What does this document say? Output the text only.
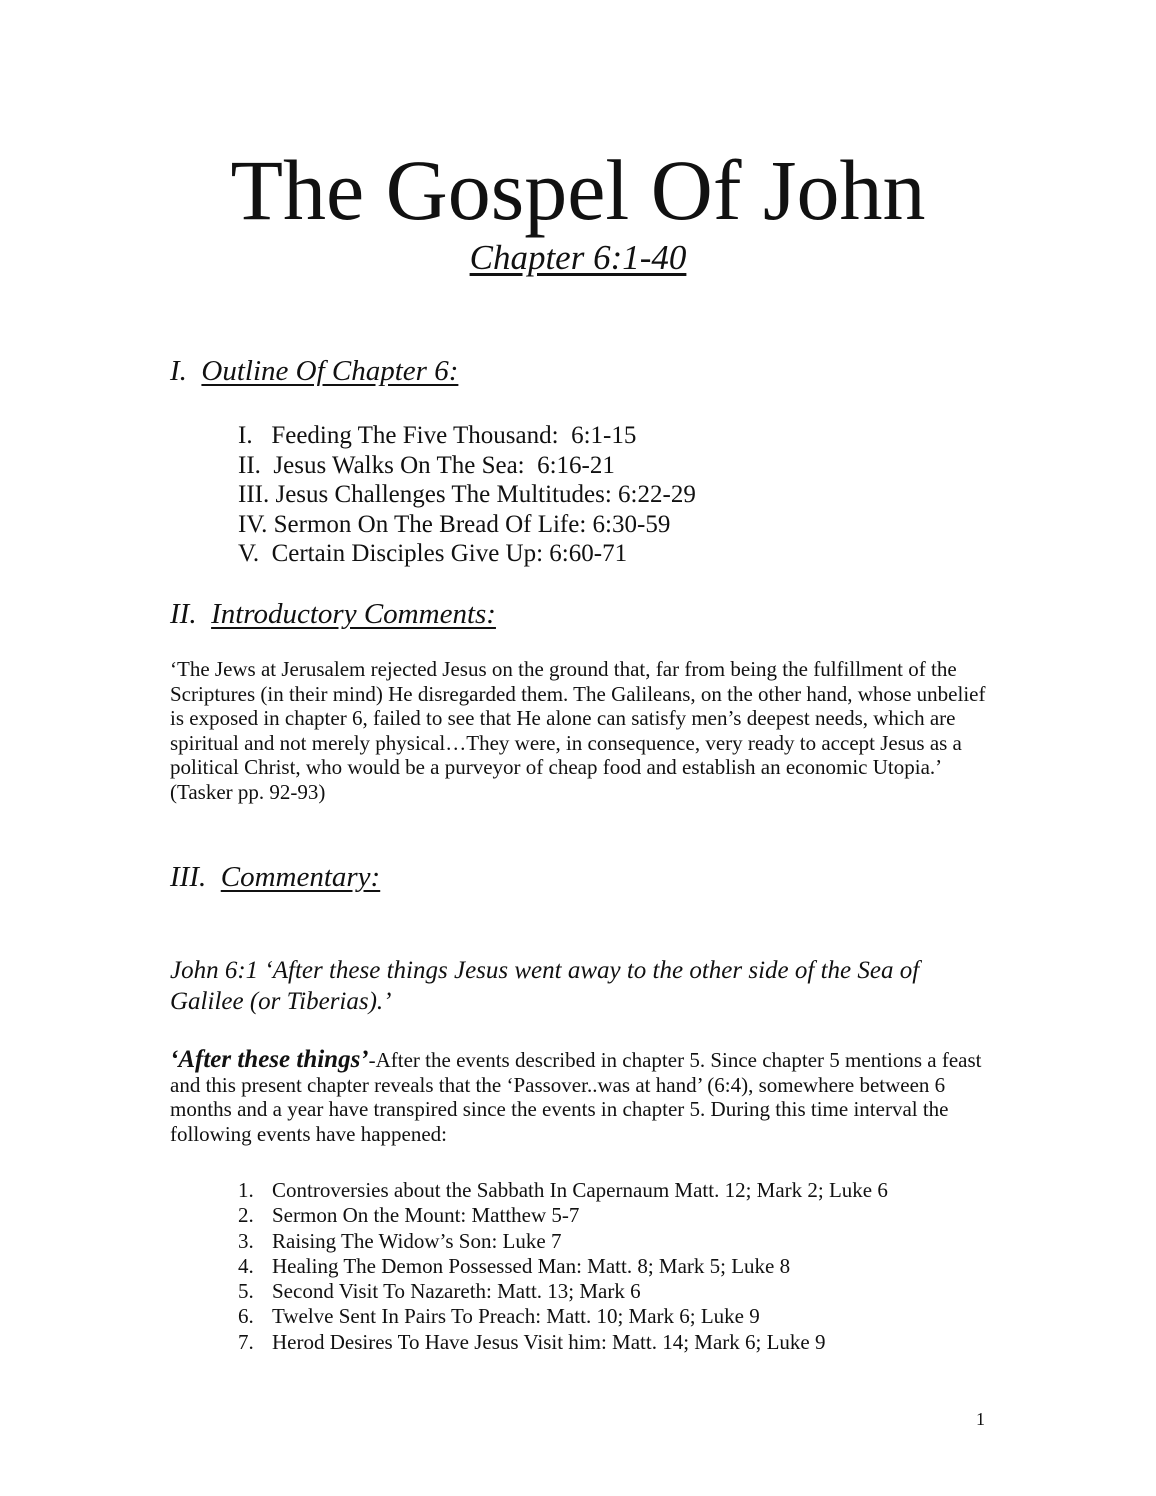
The Gospel Of John
Chapter 6:1-40
I. Outline Of Chapter 6:
I.   Feeding The Five Thousand:  6:1-15
II.  Jesus Walks On The Sea:  6:16-21
III. Jesus Challenges The Multitudes: 6:22-29
IV. Sermon On The Bread Of Life: 6:30-59
V.  Certain Disciples Give Up: 6:60-71
II. Introductory Comments:

‘The Jews at Jerusalem rejected Jesus on the ground that, far from being the fulfillment of the Scriptures (in their mind) He disregarded them. The Galileans, on the other hand, whose unbelief is exposed in chapter 6, failed to see that He alone can satisfy men’s deepest needs, which are spiritual and not merely physical…They were, in consequence, very ready to accept Jesus as a political Christ, who would be a purveyor of cheap food and establish an economic Utopia.’ (Tasker pp. 92-93)

III. Commentary:

John 6:1 ‘After these things Jesus went away to the other side of the Sea of Galilee (or Tiberias).’

‘After these things’-After the events described in chapter 5. Since chapter 5 mentions a feast and this present chapter reveals that the ‘Passover..was at hand’ (6:4), somewhere between 6 months and a year have transpired since the events in chapter 5. During this time interval the following events have happened:

1. Controversies about the Sabbath In Capernaum Matt. 12; Mark 2; Luke 6
2. Sermon On the Mount: Matthew 5-7
3. Raising The Widow’s Son: Luke 7
4. Healing The Demon Possessed Man: Matt. 8; Mark 5; Luke 8
5. Second Visit To Nazareth: Matt. 13; Mark 6
6. Twelve Sent In Pairs To Preach: Matt. 10; Mark 6; Luke 9
7. Herod Desires To Have Jesus Visit him: Matt. 14; Mark 6; Luke 9
1
